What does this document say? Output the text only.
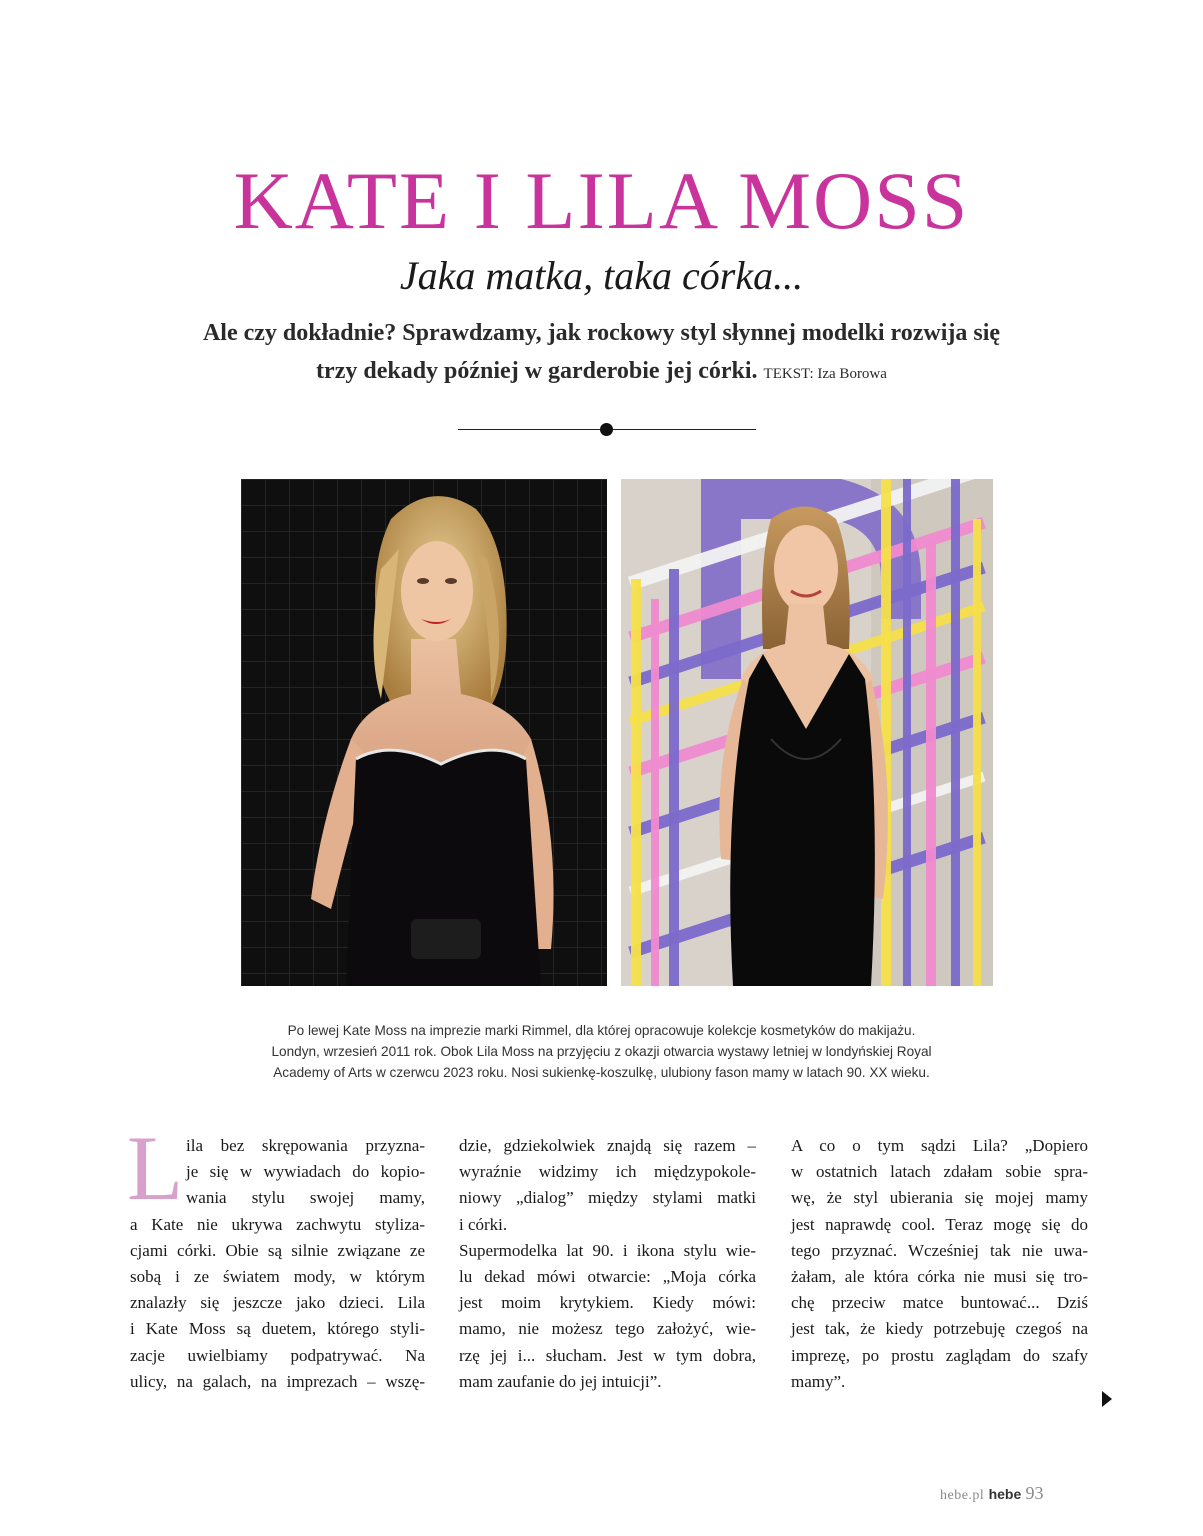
KATE I LILA MOSS
Jaka matka, taka córka...
Ale czy dokładnie? Sprawdzamy, jak rockowy styl słynnej modelki rozwija się
trzy dekady później w garderobie jej córki. TEKST: Iza Borowa
Po lewej Kate Moss na imprezie marki Rimmel, dla której opracowuje kolekcje kosmetyków do makijażu.
Londyn, wrzesień 2011 rok. Obok Lila Moss na przyjęciu z okazji otwarcia wystawy letniej w londyńskiej Royal
Academy of Arts w czerwcu 2023 roku. Nosi sukienkę-koszulkę, ulubiony fason mamy w latach 90. XX wieku.
L ila bez skrępowania przyzna-
je się w wywiadach do kopio-
wania stylu swojej mamy,
a Kate nie ukrywa zachwytu styliza-
cjami córki. Obie są silnie związane ze
sobą i ze światem mody, w którym
znalazły się jeszcze jako dzieci. Lila
i Kate Moss są duetem, którego styli-
zacje uwielbiamy podpatrywać. Na
ulicy, na galach, na imprezach – wszę-
dzie, gdziekolwiek znajdą się razem –
wyraźnie widzimy ich międzypokole-
niowy „dialog” między stylami matki
i córki.
Supermodelka lat 90. i ikona stylu wie-
lu dekad mówi otwarcie: „Moja córka
jest moim krytykiem. Kiedy mówi:
mamo, nie możesz tego założyć, wie-
rzę jej i... słucham. Jest w tym dobra,
mam zaufanie do jej intuicji”.
A co o tym sądzi Lila? „Dopiero
w ostatnich latach zdałam sobie spra-
wę, że styl ubierania się mojej mamy
jest naprawdę cool. Teraz mogę się do
tego przyznać. Wcześniej tak nie uwa-
żałam, ale która córka nie musi się tro-
chę przeciw matce buntować... Dziś
jest tak, że kiedy potrzebuję czegoś na
imprezę, po prostu zaglądam do szafy
mamy”.
hebe.pl hebe 93
